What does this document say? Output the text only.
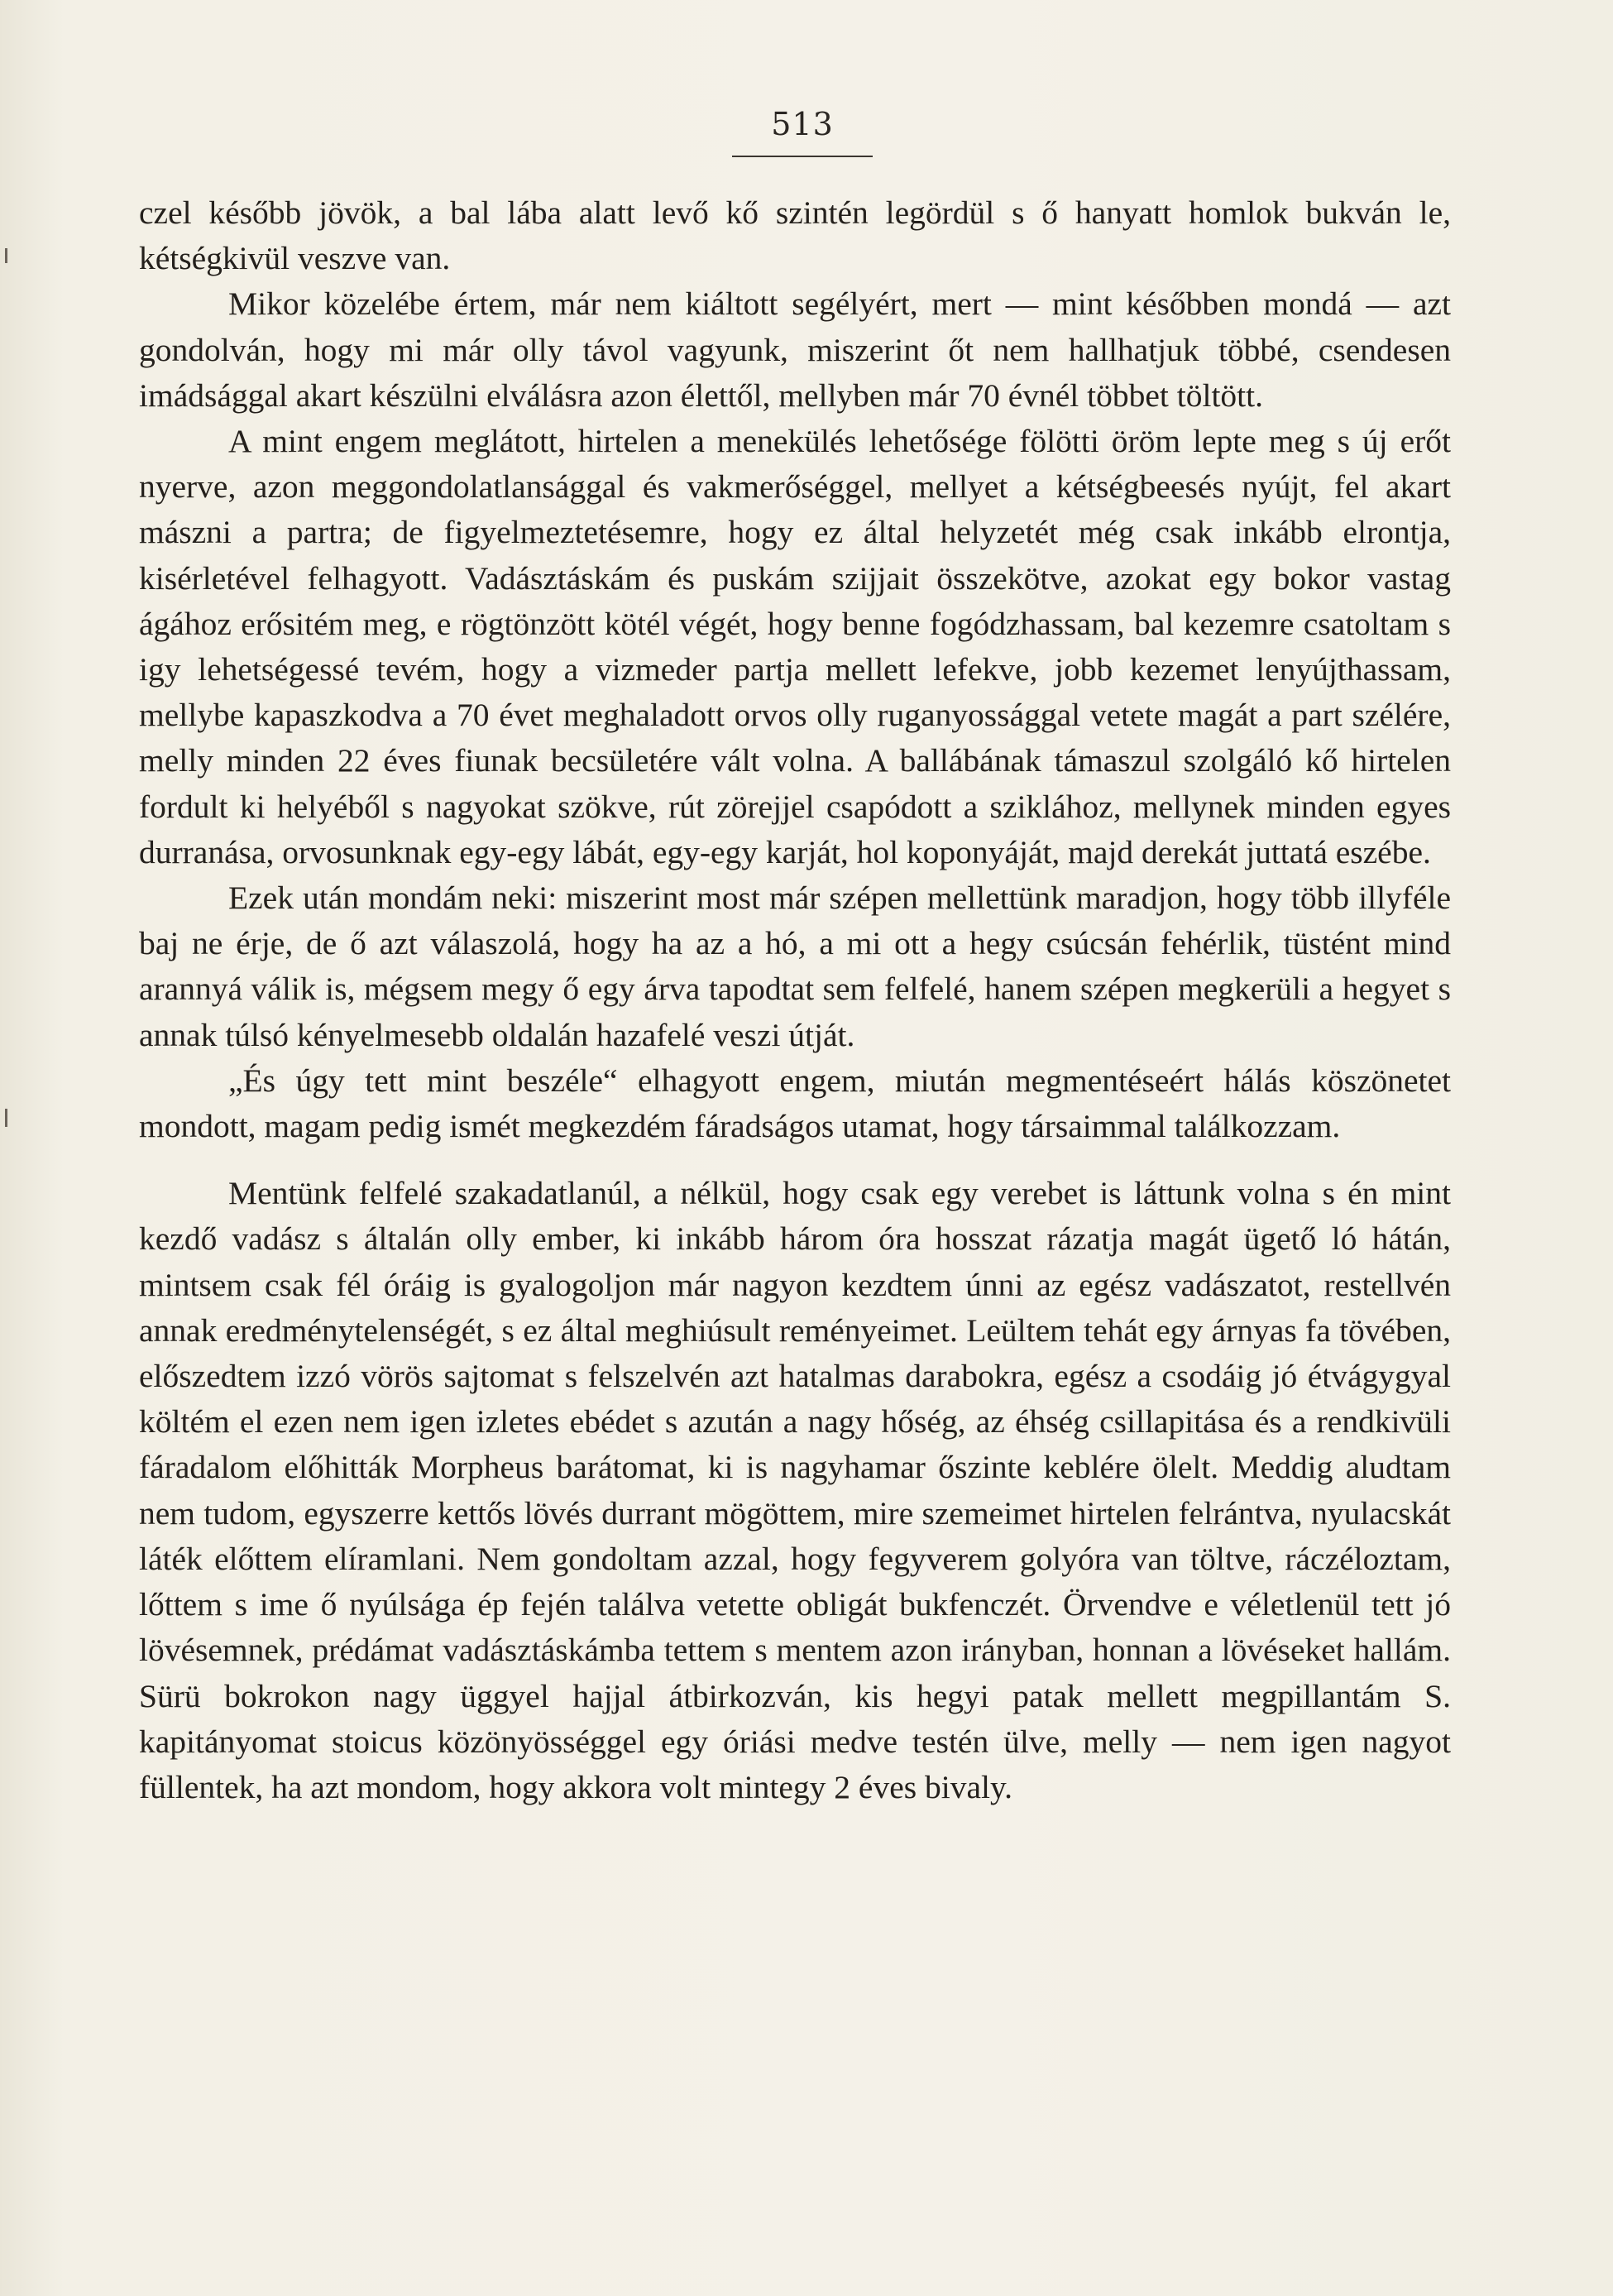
513

czel később jövök, a bal lába alatt levő kő szintén legördül s ő hanyatt homlok bukván le, kétségkivül veszve van.

Mikor közelébe értem, már nem kiáltott segélyért, mert — mint későbben mondá — azt gondolván, hogy mi már olly távol vagyunk, miszerint őt nem hallhatjuk többé, csendesen imádsággal akart készülni elválásra azon élettől, mellyben már 70 évnél többet töltött.

A mint engem meglátott, hirtelen a menekülés lehetősége fölötti öröm lepte meg s új erőt nyerve, azon meggondolatlansággal és vakmerőséggel, mellyet a kétségbeesés nyújt, fel akart mászni a partra; de figyelmeztetésemre, hogy ez által helyzetét még csak inkább elrontja, kisérletével felhagyott. Vadásztáskám és puskám szijjait összekötve, azokat egy bokor vastag ágához erősitém meg, e rögtönzött kötél végét, hogy benne fogódzhassam, bal kezemre csatoltam s igy lehetségessé tevém, hogy a vizmeder partja mellett lefekve, jobb kezemet lenyújthassam, mellybe kapaszkodva a 70 évet meghaladott orvos olly ruganyossággal vetete magát a part szélére, melly minden 22 éves fiunak becsületére vált volna. A ballábának támaszul szolgáló kő hirtelen fordult ki helyéből s nagyokat szökve, rút zörejjel csapódott a sziklához, mellynek minden egyes durranása, orvosunknak egy-egy lábát, egy-egy karját, hol koponyáját, majd derekát juttatá eszébe.

Ezek után mondám neki: miszerint most már szépen mellettünk maradjon, hogy több illyféle baj ne érje, de ő azt válaszolá, hogy ha az a hó, a mi ott a hegy csúcsán fehérlik, tüstént mind arannyá válik is, mégsem megy ő egy árva tapodtat sem felfelé, hanem szépen megkerüli a hegyet s annak túlsó kényelmesebb oldalán hazafelé veszi útját.

„És úgy tett mint beszéle“ elhagyott engem, miután megmentéseért hálás köszönetet mondott, magam pedig ismét megkezdém fáradságos utamat, hogy társaimmal találkozzam.

Mentünk felfelé szakadatlanúl, a nélkül, hogy csak egy verebet is láttunk volna s én mint kezdő vadász s általán olly ember, ki inkább három óra hosszat rázatja magát ügető ló hátán, mintsem csak fél óráig is gyalogoljon már nagyon kezdtem únni az egész vadászatot, restellvén annak eredménytelenségét, s ez által meghiúsult reményeimet. Leültem tehát egy árnyas fa tövében, előszedtem izzó vörös sajtomat s felszelvén azt hatalmas darabokra, egész a csodáig jó étvágygyal költém el ezen nem igen izletes ebédet s azután a nagy hőség, az éhség csillapitása és a rendkivüli fáradalom előhitták Morpheus barátomat, ki is nagyhamar őszinte keblére ölelt. Meddig aludtam nem tudom, egyszerre kettős lövés durrant mögöttem, mire szemeimet hirtelen felrántva, nyulacskát láték előttem elíramlani. Nem gondoltam azzal, hogy fegyverem golyóra van töltve, ráczéloztam, lőttem s ime ő nyúlsága ép fején találva vetette obligát bukfenczét. Örvendve e véletlenül tett jó lövésemnek, prédámat vadásztáskámba tettem s mentem azon irányban, honnan a lövéseket hallám. Sürü bokrokon nagy üggyel hajjal átbirkozván, kis hegyi patak mellett megpillantám S. kapitányomat stoicus közönyösséggel egy óriási medve testén ülve, melly — nem igen nagyot füllentek, ha azt mondom, hogy akkora volt mintegy 2 éves bivaly.
